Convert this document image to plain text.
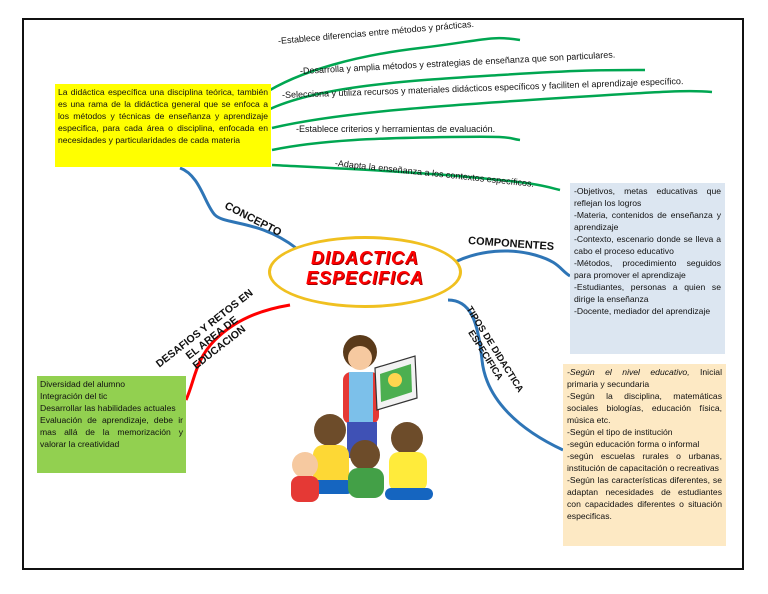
La didáctica específica una disciplina teórica, también es una rama de la didáctica general que se enfoca a los métodos y técnicas de enseñanza y aprendizaje especifica, para cada área o disciplina, enfocada en necesidades y particularidades de cada materia
-Establece diferencias entre métodos y prácticas.
-Desarrolla y amplia métodos y estrategias de enseñanza que son particulares.
-Selecciona y utiliza recursos y materiales didácticos específicos y faciliten el aprendizaje específico.
-Establece criterios y herramientas de evaluación.
-Adapta la enseñanza a los contextos específicos.
CONCEPTO
COMPONENTES
TIPOS DE DIDACTICA ESPECIFICA
DESAFIOS Y RETOS EN EL AREA DE EDUCACION
DIDACTICA
ESPECIFICA
-Objetivos, metas educativas que reflejan los logros
-Materia, contenidos de enseñanza y aprendizaje
-Contexto, escenario donde se lleva a cabo el proceso educativo
-Métodos, procedimiento seguidos para promover el aprendizaje
-Estudiantes, personas a quien se dirige la enseñanza
-Docente, mediador del aprendizaje
-Según el nivel educativo, Inicial primaria y secundaria
-Según la disciplina, matemáticas sociales biologías, educación física, música etc.
-Según el tipo de institución
-según educación forma o informal
-según escuelas rurales o urbanas, institución de capacitación o recreativas
-Según las características diferentes, se adaptan necesidades de estudiantes con capacidades diferentes o situación especificas.
Diversidad del alumno
Integración del tic
Desarrollar las habilidades actuales
Evaluación de aprendizaje, debe ir mas allá de la memorización y valorar la creatividad
